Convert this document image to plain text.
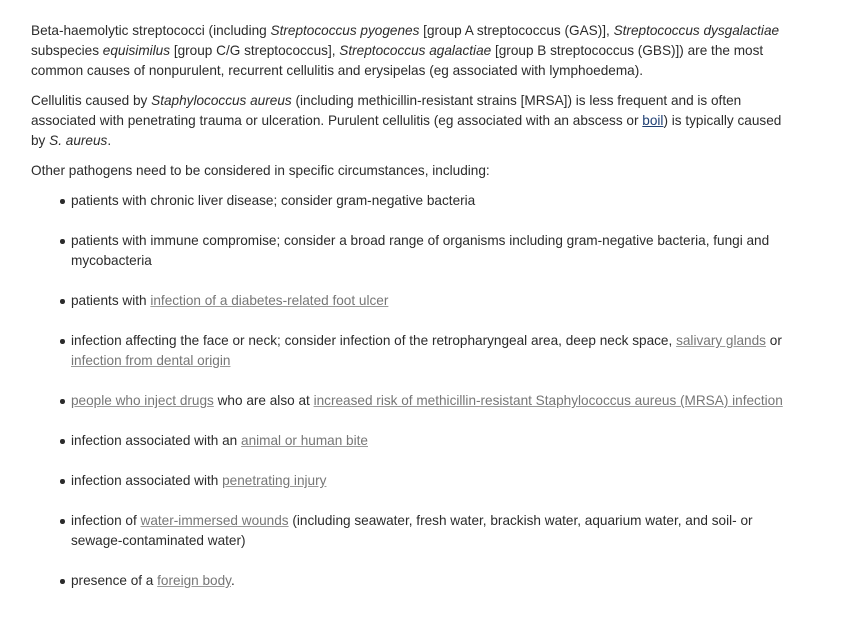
Beta-haemolytic streptococci (including Streptococcus pyogenes [group A streptococcus (GAS)], Streptococcus dysgalactiae subspecies equisimilus [group C/G streptococcus], Streptococcus agalactiae [group B streptococcus (GBS)]) are the most common causes of nonpurulent, recurrent cellulitis and erysipelas (eg associated with lymphoedema).

Cellulitis caused by Staphylococcus aureus (including methicillin-resistant strains [MRSA]) is less frequent and is often associated with penetrating trauma or ulceration. Purulent cellulitis (eg associated with an abscess or boil) is typically caused by S. aureus.

Other pathogens need to be considered in specific circumstances, including:

patients with chronic liver disease; consider gram-negative bacteria
patients with immune compromise; consider a broad range of organisms including gram-negative bacteria, fungi and mycobacteria
patients with infection of a diabetes-related foot ulcer
infection affecting the face or neck; consider infection of the retropharyngeal area, deep neck space, salivary glands or infection from dental origin
people who inject drugs who are also at increased risk of methicillin-resistant Staphylococcus aureus (MRSA) infection
infection associated with an animal or human bite
infection associated with penetrating injury
infection of water-immersed wounds (including seawater, fresh water, brackish water, aquarium water, and soil- or sewage-contaminated water)
presence of a foreign body.
